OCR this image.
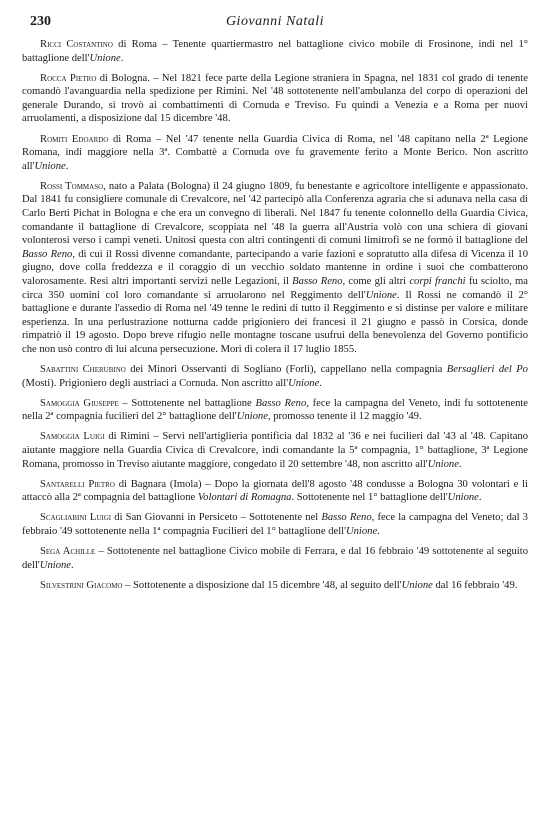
230	Giovanni Natali

Ricci Costantino di Roma – Tenente quartiermastro nel battaglione civico mobile di Frosinone, indi nel 1° battaglione dell'Unione.

Rocca Pietro di Bologna. – Nel 1821 fece parte della Legione straniera in Spagna, nel 1831 col grado di tenente comandò l'avanguardia nella spedizione per Rimini. Nel '48 sottotenente nell'ambulanza del corpo di operazioni del generale Durando, si trovò ai combattimenti di Cornuda e Treviso. Fu quindi a Venezia e a Roma per nuovi arruolamenti, a disposizione dal 15 dicembre '48.

Romiti Edoardo di Roma – Nel '47 tenente nella Guardia Civica di Roma, nel '48 capitano nella 2ª Legione Romana, indi maggiore nella 3ª. Combattè a Cornuda ove fu gravemente ferito a Monte Berico. Non ascritto all'Unione.

Rossi Tommaso, nato a Palata (Bologna) il 24 giugno 1809, fu benestante e agricoltore intelligente e appassionato. Dal 1841 fu consigliere comunale di Crevalcore, nel '42 partecipò alla Conferenza agraria che si adunava nella casa di Carlo Berti Pichat in Bologna e che era un convegno di liberali. Nel 1847 fu tenente colonnello della Guardia Civica, comandante il battaglione di Crevalcore, scoppiata nel '48 la guerra all'Austria volò con una schiera di giovani volonterosi verso i campi veneti. Unitosi questa con altri contingenti di comuni limitrofi se ne formò il battaglione del Basso Reno, di cui il Rossi divenne comandante, partecipando a varie fazioni e sopratutto alla difesa di Vicenza il 10 giugno, dove colla freddezza e il coraggio di un vecchio soldato mantenne in ordine i suoi che combatterono valorosamente. Resi altri importanti servizi nelle Legazioni, il Basso Reno, come gli altri corpi franchi fu sciolto, ma circa 350 uomini col loro comandante si arruolarono nel Reggimento dell'Unione. Il Rossi ne comandò il 2° battaglione e durante l'assedio di Roma nel '49 tenne le redini di tutto il Reggimento e si distinse per valore e militare esperienza. In una perlustrazione notturna cadde prigioniero dei francesi il 21 giugno e passò in Corsica, donde rimpatriò il 19 agosto. Dopo breve rifugio nelle montagne toscane usufruì della benevolenza del Governo pontificio che non usò contro di lui alcuna persecuzione. Morì di colera il 17 luglio 1855.

Sabattini Cherubino dei Minori Osservanti di Sogliano (Forlì), cappellano nella compagnia Bersaglieri del Po (Mosti). Prigioniero degli austriaci a Cornuda. Non ascritto all'Unione.

Samoggia Giuseppe – Sottotenente nel battaglione Basso Reno, fece la campagna del Veneto, indi fu sottotenente nella 2ª compagnia fucilieri del 2° battaglione dell'Unione, promosso tenente il 12 maggio '49.

Samoggia Luigi di Rimini – Servì nell'artiglieria pontificia dal 1832 al '36 e nei fucilieri dal '43 al '48. Capitano aiutante maggiore nella Guardia Civica di Crevalcore, indi comandante la 5ª compagnia, 1° battaglione, 3ª Legione Romana, promosso in Treviso aiutante maggiore, congedato il 20 settembre '48, non ascritto all'Unione.

Santarelli Pietro di Bagnara (Imola) – Dopo la giornata dell'8 agosto '48 condusse a Bologna 30 volontari e li attaccò alla 2ª compagnia del battaglione Volontari di Romagna. Sottotenente nel 1° battaglione dell'Unione.

Scagliabini Luigi di San Giovanni in Persiceto – Sottotenente nel Basso Reno, fece la campagna del Veneto; dal 3 febbraio '49 sottotenente nella 1ª compagnia Fucilieri del 1° battaglione dell'Unione.

Sega Achille – Sottotenente nel battaglione Civico mobile di Ferrara, e dal 16 febbraio '49 sottotenente al seguito dell'Unione.

Silvestrini Giacomo – Sottotenente a disposizione dal 15 dicembre '48, al seguito dell'Unione dal 16 febbraio '49.
